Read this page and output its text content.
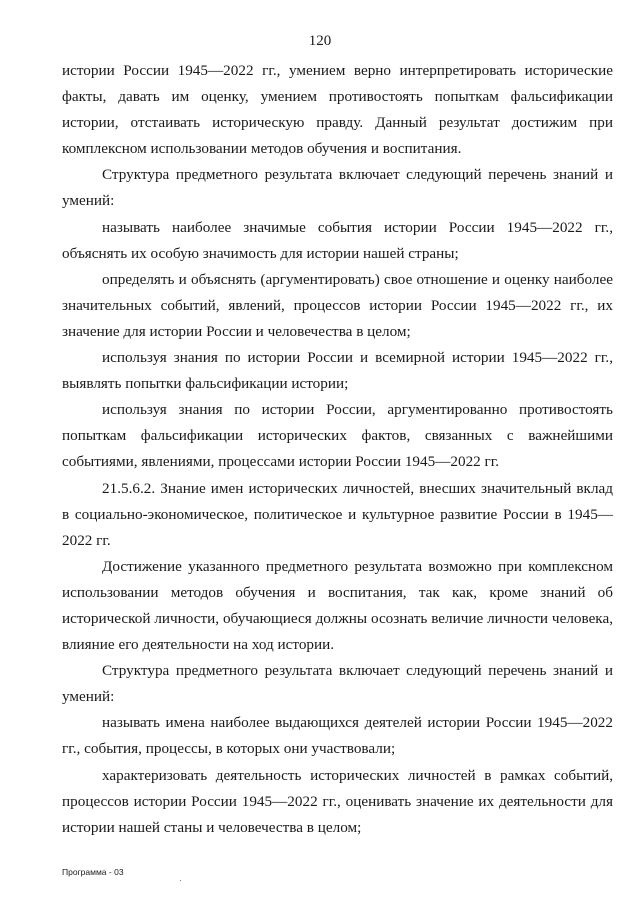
120

истории России 1945—2022 гг., умением верно интерпретировать исторические факты, давать им оценку, умением противостоять попыткам фальсификации истории, отстаивать историческую правду. Данный результат достижим при комплексном использовании методов обучения и воспитания.

Структура предметного результата включает следующий перечень знаний и умений:

называть наиболее значимые события истории России 1945—2022 гг., объяснять их особую значимость для истории нашей страны;

определять и объяснять (аргументировать) свое отношение и оценку наиболее значительных событий, явлений, процессов истории России 1945—2022 гг., их значение для истории России и человечества в целом;

используя знания по истории России и всемирной истории 1945—2022 гг., выявлять попытки фальсификации истории;

используя знания по истории России, аргументированно противостоять попыткам фальсификации исторических фактов, связанных с важнейшими событиями, явлениями, процессами истории России 1945—2022 гг.

21.5.6.2. Знание имен исторических личностей, внесших значительный вклад в социально-экономическое, политическое и культурное развитие России в 1945—2022 гг.

Достижение указанного предметного результата возможно при комплексном использовании методов обучения и воспитания, так как, кроме знаний об исторической личности, обучающиеся должны осознать величие личности человека, влияние его деятельности на ход истории.

Структура предметного результата включает следующий перечень знаний и умений:

называть имена наиболее выдающихся деятелей истории России 1945—2022 гг., события, процессы, в которых они участвовали;

характеризовать деятельность исторических личностей в рамках событий, процессов истории России 1945—2022 гг., оценивать значение их деятельности для истории нашей станы и человечества в целом;

Программа - 03
